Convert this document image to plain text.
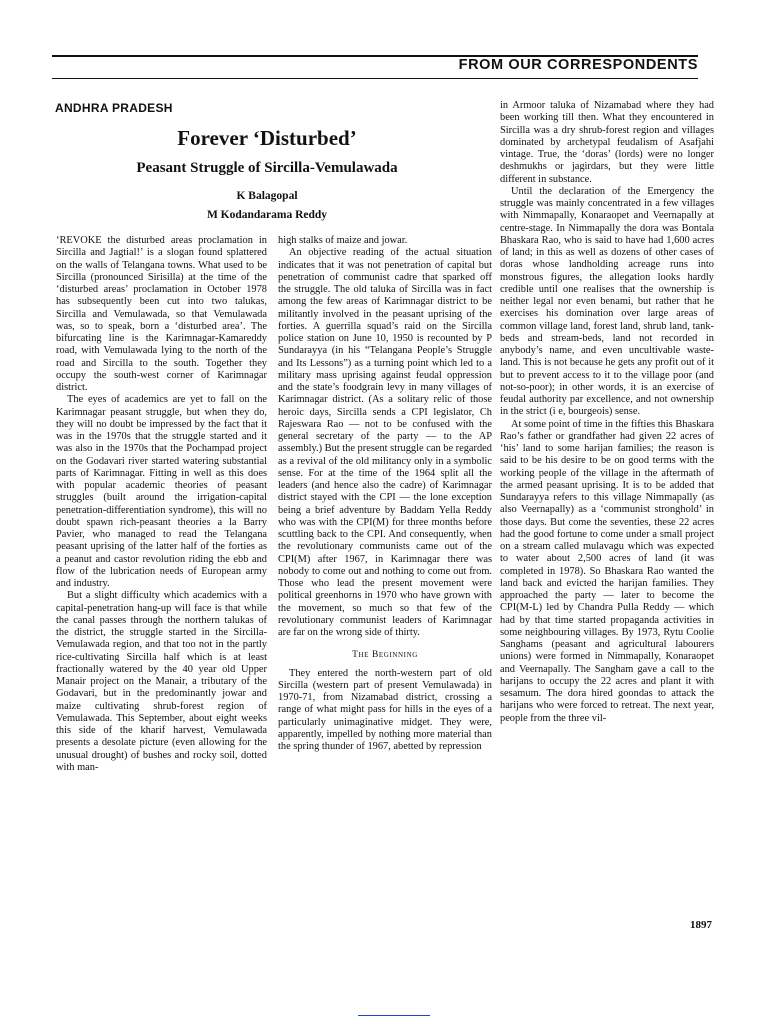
FROM OUR CORRESPONDENTS
ANDHRA PRADESH
Forever ‘Disturbed’
Peasant Struggle of Sircilla-Vemulawada
K Balagopal
M Kodandarama Reddy

‘REVOKE the disturbed areas proclamation in Sircilla and Jagtial!’ is a slogan found splattered on the walls of Telangana towns. What used to be Sircilla (pronounced Sirisilla) at the time of the ‘disturbed areas’ proclamation in October 1978 has subsequently been cut into two talukas, Sircilla and Vemulawada, so that Vemulawada was, so to speak, born a ‘disturbed area’. The bifurcating line is the Karimnagar-Kamareddy road, with Vemulawada lying to the north of the road and Sircilla to the south. Together they occupy the south-west corner of Karimnagar district.

The eyes of academics are yet to fall on the Karimnagar peasant struggle, but when they do, they will no doubt be impressed by the fact that it was in the 1970s that the struggle started and it was also in the 1970s that the Pochampad project on the Godavari river started watering substantial parts of Karimnagar. Fitting in well as this does with popular academic theories of peasant struggles (built around the irrigation-capital penetration-differentiation syndrome), this will no doubt spawn rich-peasant theories a la Barry Pavier, who managed to read the Telangana peasant uprising of the latter half of the forties as a peanut and castor revolution riding the ebb and flow of the lubrication needs of European army and industry.

But a slight difficulty which academics with a capital-penetration hang-up will face is that while the canal passes through the northern talukas of the district, the struggle started in the Sircilla-Vemulawada region, and that too not in the partly rice-cultivating Sircilla half which is at least fractionally watered by the 40 year old Upper Manair project on the Manair, a tributary of the Godavari, but in the predominantly jowar and maize cultivating shrub-forest region of Vemulawada. This September, about eight weeks this side of the kharif harvest, Vemulawada presents a desolate picture (even allowing for the unusual drought) of bushes and rocky soil, dotted with man-

high stalks of maize and jowar.

An objective reading of the actual situation indicates that it was not penetration of capital but penetration of communist cadre that sparked off the struggle. The old taluka of Sircilla was in fact among the few areas of Karimnagar district to be militantly involved in the peasant uprising of the forties. A guerrilla squad’s raid on the Sircilla police station on June 10, 1950 is recounted by P Sundarayya (in his “Telangana People’s Struggle and Its Lessons”) as a turning point which led to a military mass uprising against feudal oppression and the state’s foodgrain levy in many villages of Karimnagar district. (As a solitary relic of those heroic days, Sircilla sends a CPI legislator, Ch Rajeswara Rao — not to be confused with the general secretary of the party — to the AP assembly.) But the present struggle can be regarded as a revival of the old militancy only in a symbolic sense. For at the time of the 1964 split all the leaders (and hence also the cadre) of Karimnagar district stayed with the CPI — the lone exception being a brief adventure by Baddam Yella Reddy who was with the CPI(M) for three months before scuttling back to the CPI. And consequently, when the revolutionary communists came out of the CPI(M) after 1967, in Karimnagar there was nobody to come out and nothing to come out from. Those who lead the present movement were political greenhorns in 1970 who have grown with the movement, so much so that few of the revolutionary communist leaders of Karimnagar are far on the wrong side of thirty.

The Beginning

They entered the north-western part of old Sircilla (western part of present Vemulawada) in 1970-71, from Nizamabad district, crossing a range of what might pass for hills in the eyes of a particularly unimaginative midget. They were, apparently, impelled by nothing more material than the spring thunder of 1967, abetted by repression

in Armoor taluka of Nizamabad where they had been working till then. What they encountered in Sircilla was a dry shrub-forest region and villages dominated by archetypal feudalism of Asafjahi vintage. True, the ‘doras’ (lords) were no longer deshmukhs or jagirdars, but they were little different in substance.

Until the declaration of the Emergency the struggle was mainly concentrated in a few villages with Nimmapally, Konaraopet and Veernapally at centre-stage. In Nimmapally the dora was Bontala Bhaskara Rao, who is said to have had 1,600 acres of land; in this as well as dozens of other cases of doras whose landholding acreage runs into monstrous figures, the allegation looks hardly credible until one realises that the ownership is neither legal nor even benami, but rather that he exercises his domination over large areas of common village land, forest land, shrub land, tank-beds and stream-beds, land not recorded in anybody’s name, and even uncultivable waste-land. This is not because he gets any profit out of it but to prevent access to it to the village poor (and not-so-poor); in other words, it is an exercise of feudal authority par excellence, and not ownership in the strict (i e, bourgeois) sense.

At some point of time in the fifties this Bhaskara Rao’s father or grandfather had given 22 acres of ‘his’ land to some harijan families; the reason is said to be his desire to be on good terms with the working people of the village in the aftermath of the armed peasant uprising. It is to be added that Sundarayya refers to this village Nimmapally (as also Veernapally) as a ‘communist stronghold’ in those days. But come the seventies, these 22 acres had the good fortune to come under a small project on a stream called mulavagu which was expected to water about 2,500 acres of land (it was completed in 1978). So Bhaskara Rao wanted the land back and evicted the harijan families. They approached the party — later to become the CPI(M-L) led by Chandra Pulla Reddy — which had by that time started propaganda activities in some neighbouring villages. By 1973, Rytu Coolie Sanghams (peasant and agricultural labourers unions) were formed in Nimmapally, Konaraopet and Veernapally. The Sangham gave a call to the harijans to occupy the 22 acres and plant it with sesamum. The dora hired goondas to attack the harijans who were forced to retreat. The next year, people from the three vil-

1897
